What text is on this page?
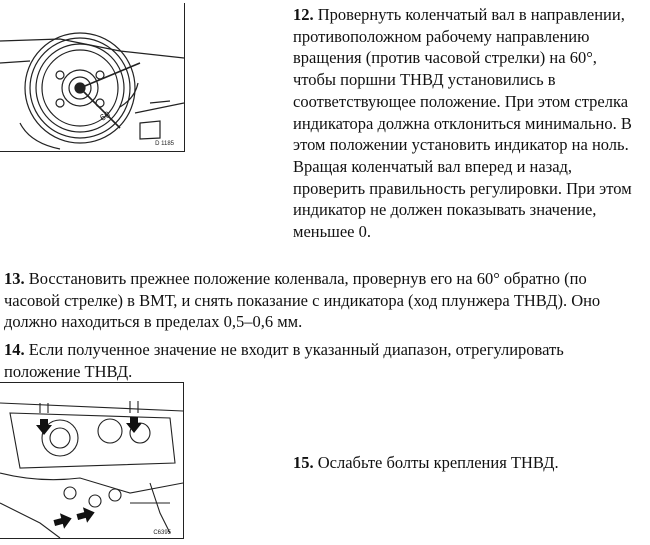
60
D 1185

12. Провернуть коленчатый вал в направлении, противоположном рабочему направлению вращения (против часовой стрелки) на 60°, чтобы поршни ТНВД установились в соответствующее положение. При этом стрелка индикатора должна отклониться минимально. В этом положении установить индикатор на ноль. Вращая коленчатый вал вперед и назад, проверить правильность регулировки. При этом индикатор не должен показывать значение, меньшее 0.

13. Восстановить прежнее положение коленвала, провернув его на 60° обратно (по часовой стрелке) в ВМТ, и снять показание с индикатора (ход плунжера ТНВД). Оно должно находиться в пределах 0,5–0,6 мм.

14. Если полученное значение не входит в указанный диапазон, отрегулировать положение ТНВД.

C6395

15. Ослабьте болты крепления ТНВД.
